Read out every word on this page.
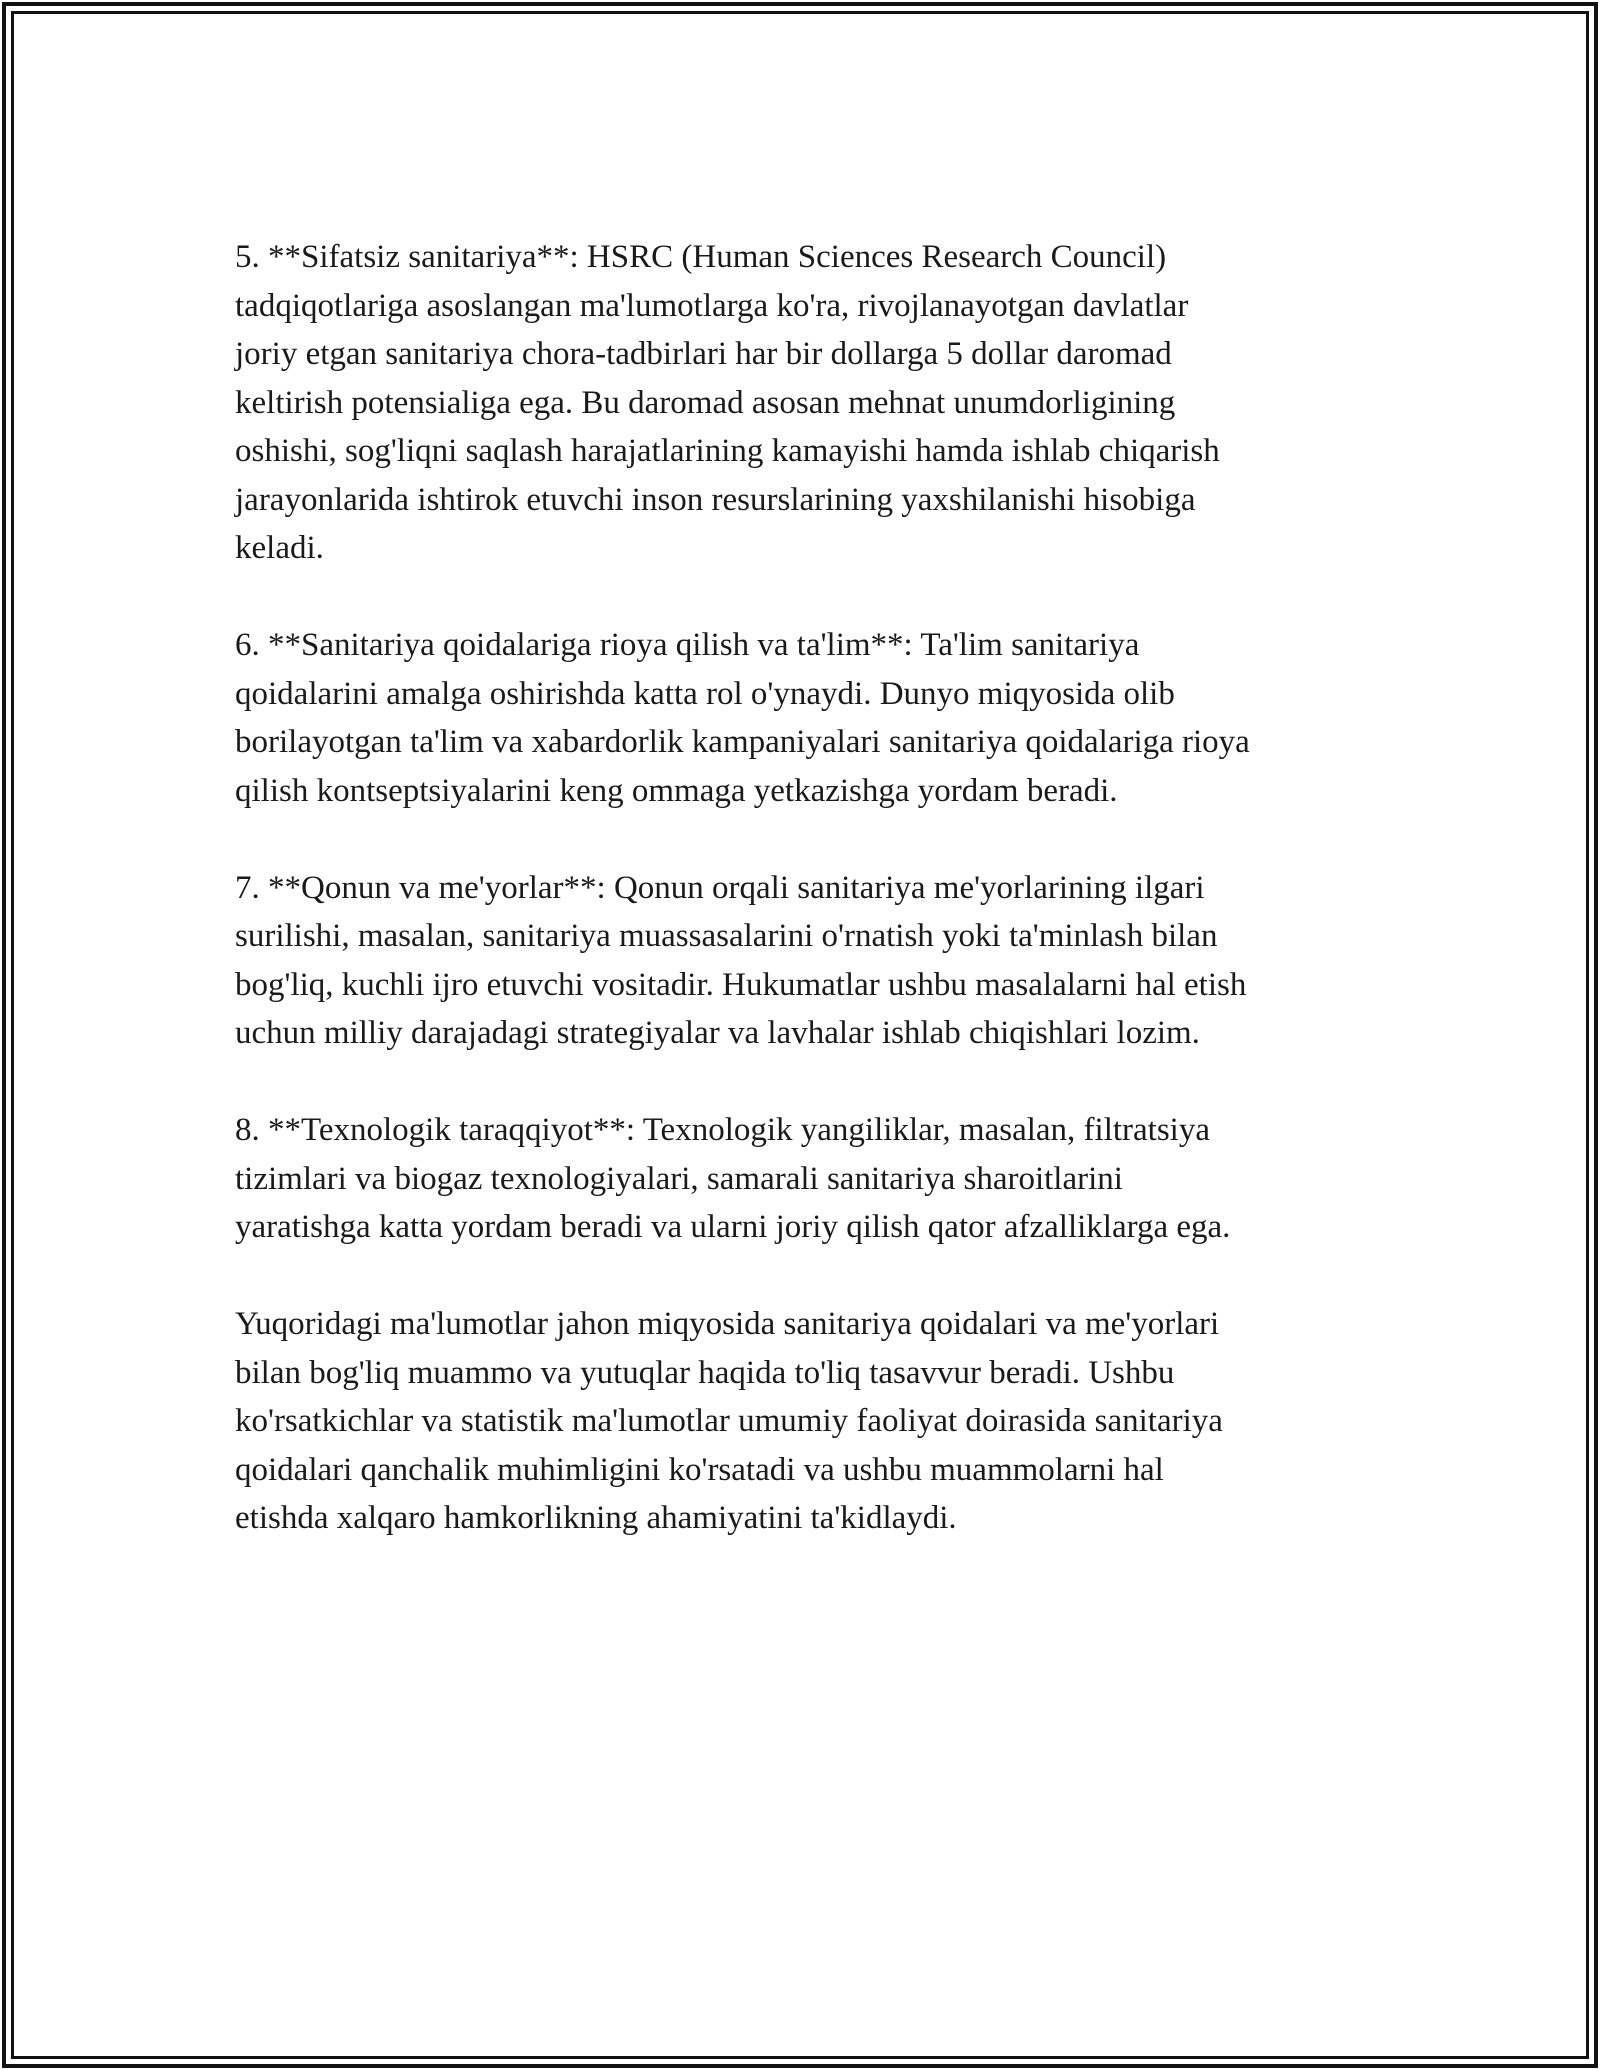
5. **Sifatsiz sanitariya**: HSRC (Human Sciences Research Council)
tadqiqotlariga asoslangan ma'lumotlarga ko'ra, rivojlanayotgan davlatlar
joriy etgan sanitariya chora-tadbirlari har bir dollarga 5 dollar daromad
keltirish potensialiga ega. Bu daromad asosan mehnat unumdorligining
oshishi, sog'liqni saqlash harajatlarining kamayishi hamda ishlab chiqarish
jarayonlarida ishtirok etuvchi inson resurslarining yaxshilanishi hisobiga
keladi.

6. **Sanitariya qoidalariga rioya qilish va ta'lim**: Ta'lim sanitariya
qoidalarini amalga oshirishda katta rol o'ynaydi. Dunyo miqyosida olib
borilayotgan ta'lim va xabardorlik kampaniyalari sanitariya qoidalariga rioya
qilish kontseptsiyalarini keng ommaga yetkazishga yordam beradi.

7. **Qonun va me'yorlar**: Qonun orqali sanitariya me'yorlarining ilgari
surilishi, masalan, sanitariya muassasalarini o'rnatish yoki ta'minlash bilan
bog'liq, kuchli ijro etuvchi vositadir. Hukumatlar ushbu masalalarni hal etish
uchun milliy darajadagi strategiyalar va lavhalar ishlab chiqishlari lozim.

8. **Texnologik taraqqiyot**: Texnologik yangiliklar, masalan, filtratsiya
tizimlari va biogaz texnologiyalari, samarali sanitariya sharoitlarini
yaratishga katta yordam beradi va ularni joriy qilish qator afzalliklarga ega.

Yuqoridagi ma'lumotlar jahon miqyosida sanitariya qoidalari va me'yorlari
bilan bog'liq muammo va yutuqlar haqida to'liq tasavvur beradi. Ushbu
ko'rsatkichlar va statistik ma'lumotlar umumiy faoliyat doirasida sanitariya
qoidalari qanchalik muhimligini ko'rsatadi va ushbu muammolarni hal
etishda xalqaro hamkorlikning ahamiyatini ta'kidlaydi.
